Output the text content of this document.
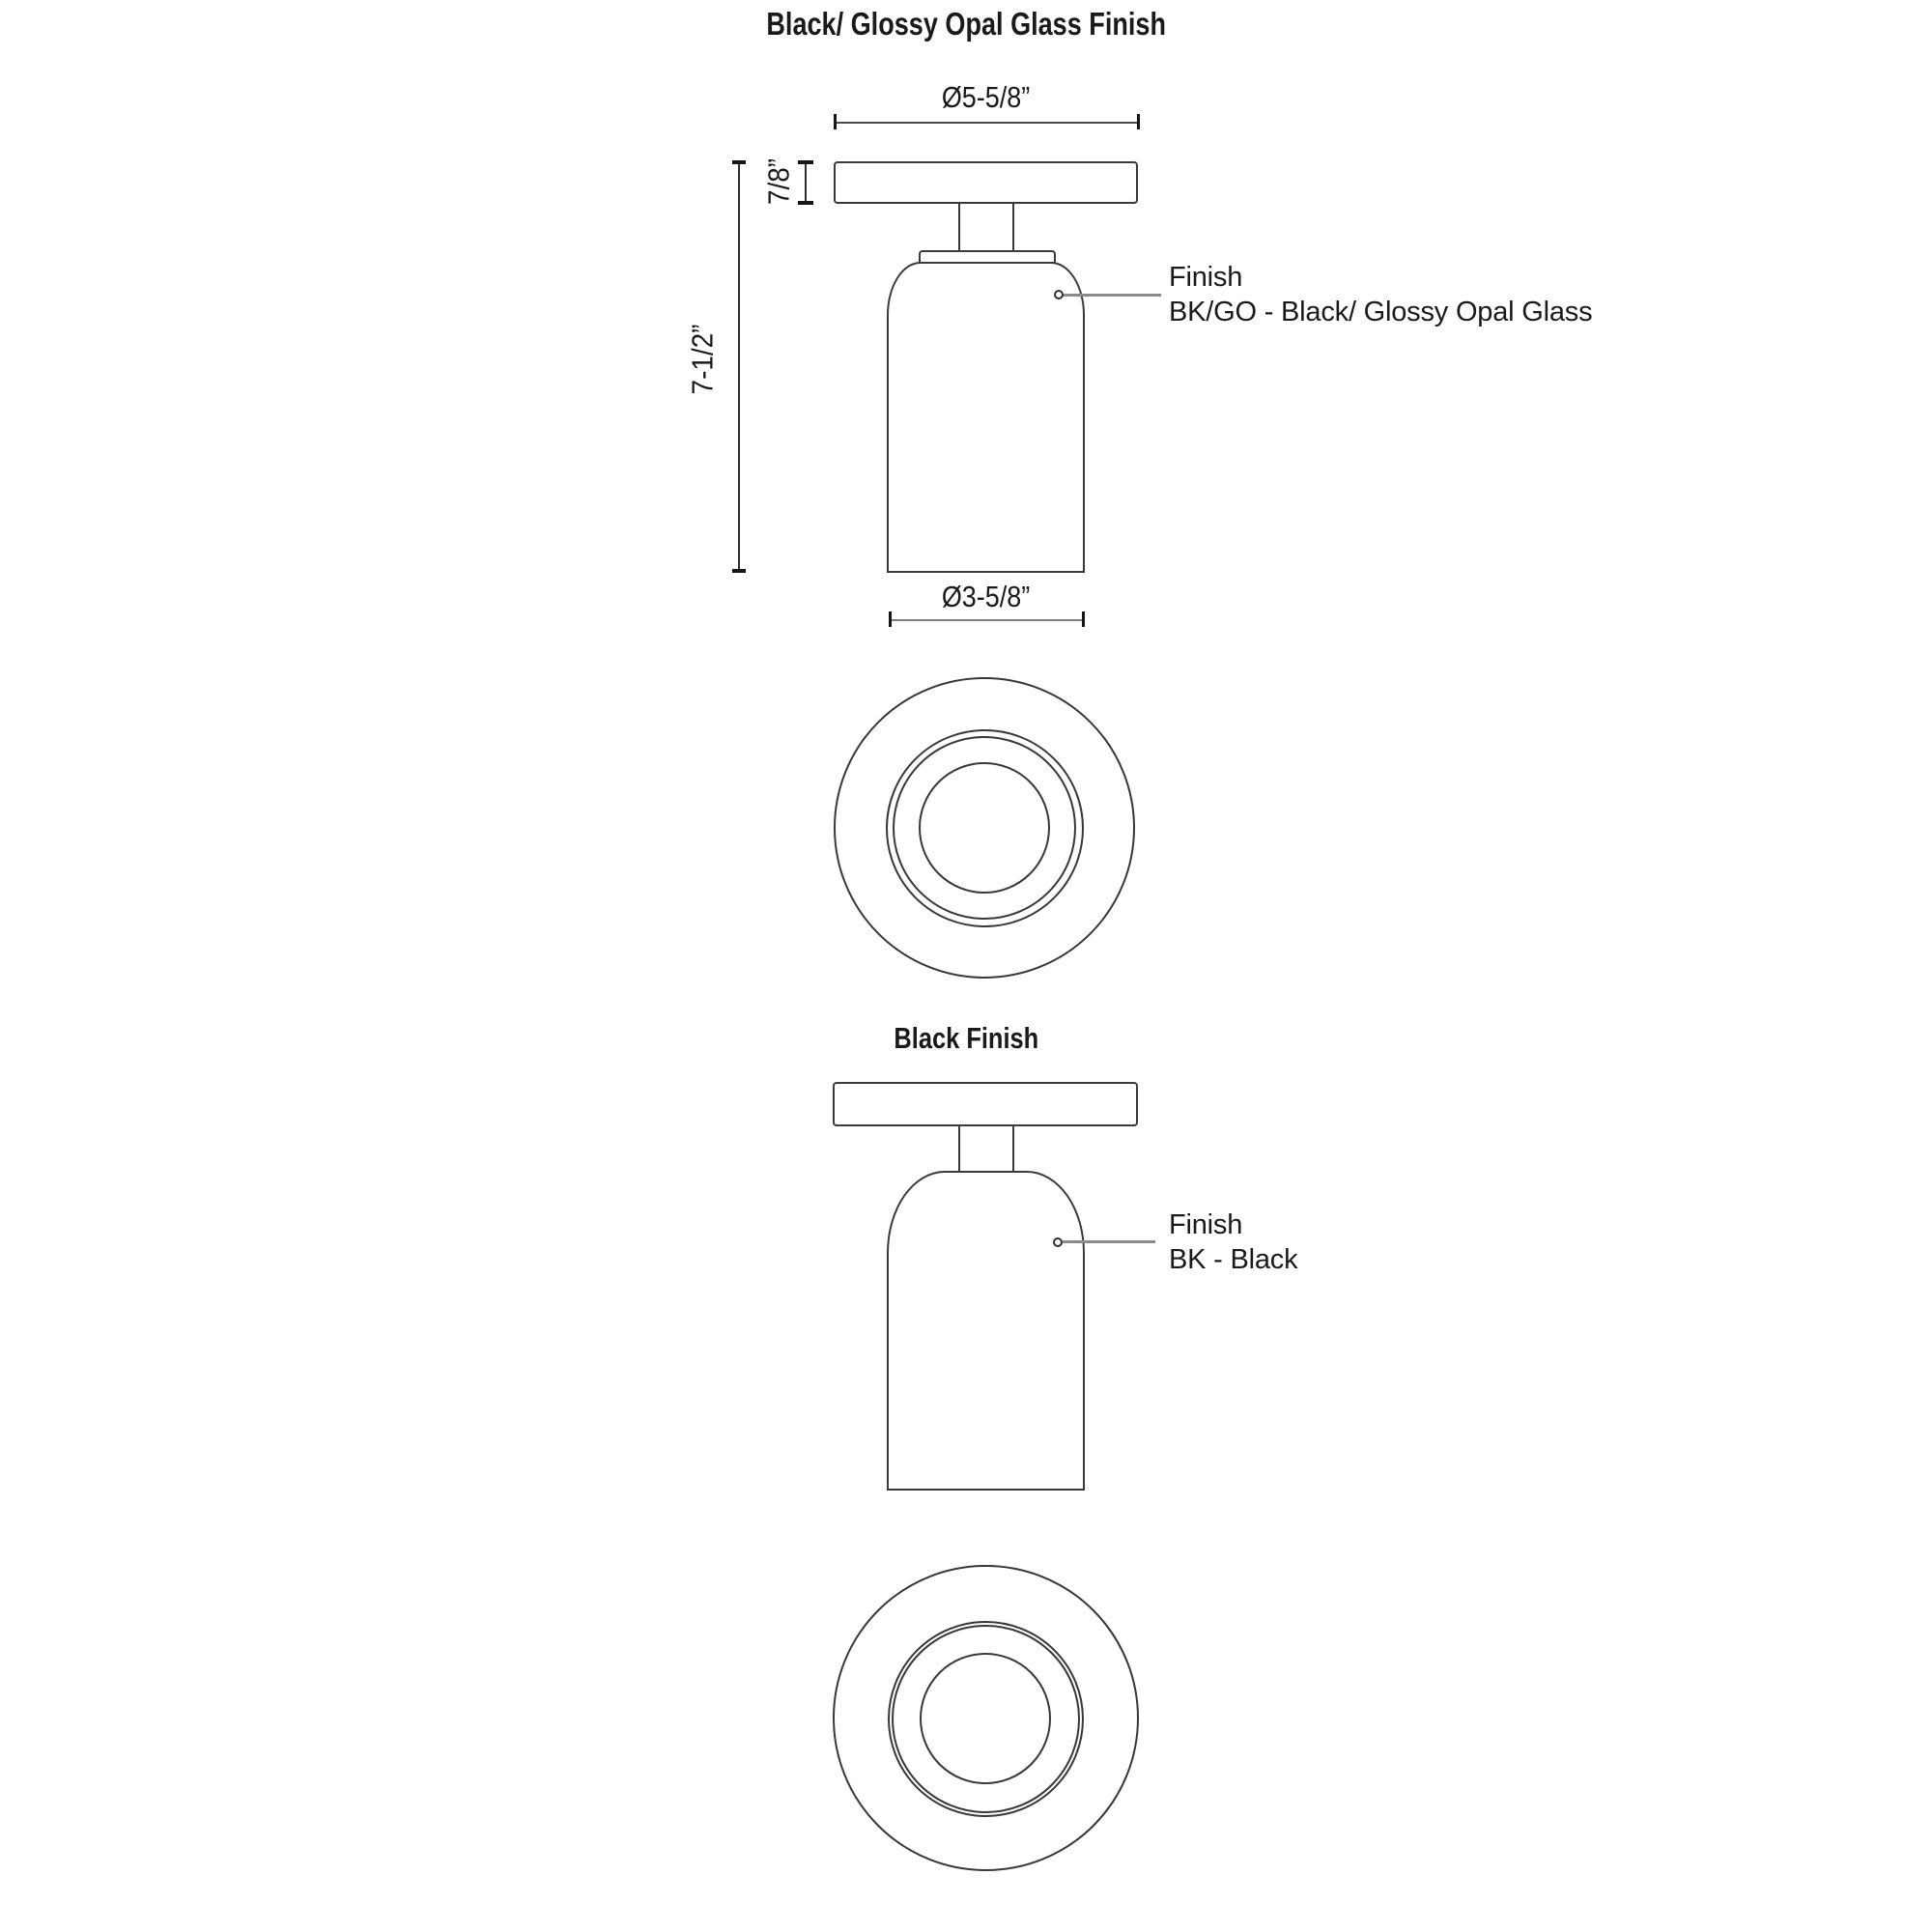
Black/ Glossy Opal Glass Finish
Ø5-5/8”
7-1/2”
7/8”
Finish
BK/GO - Black/ Glossy Opal Glass
Ø3-5/8”
Black Finish
Finish
BK - Black
